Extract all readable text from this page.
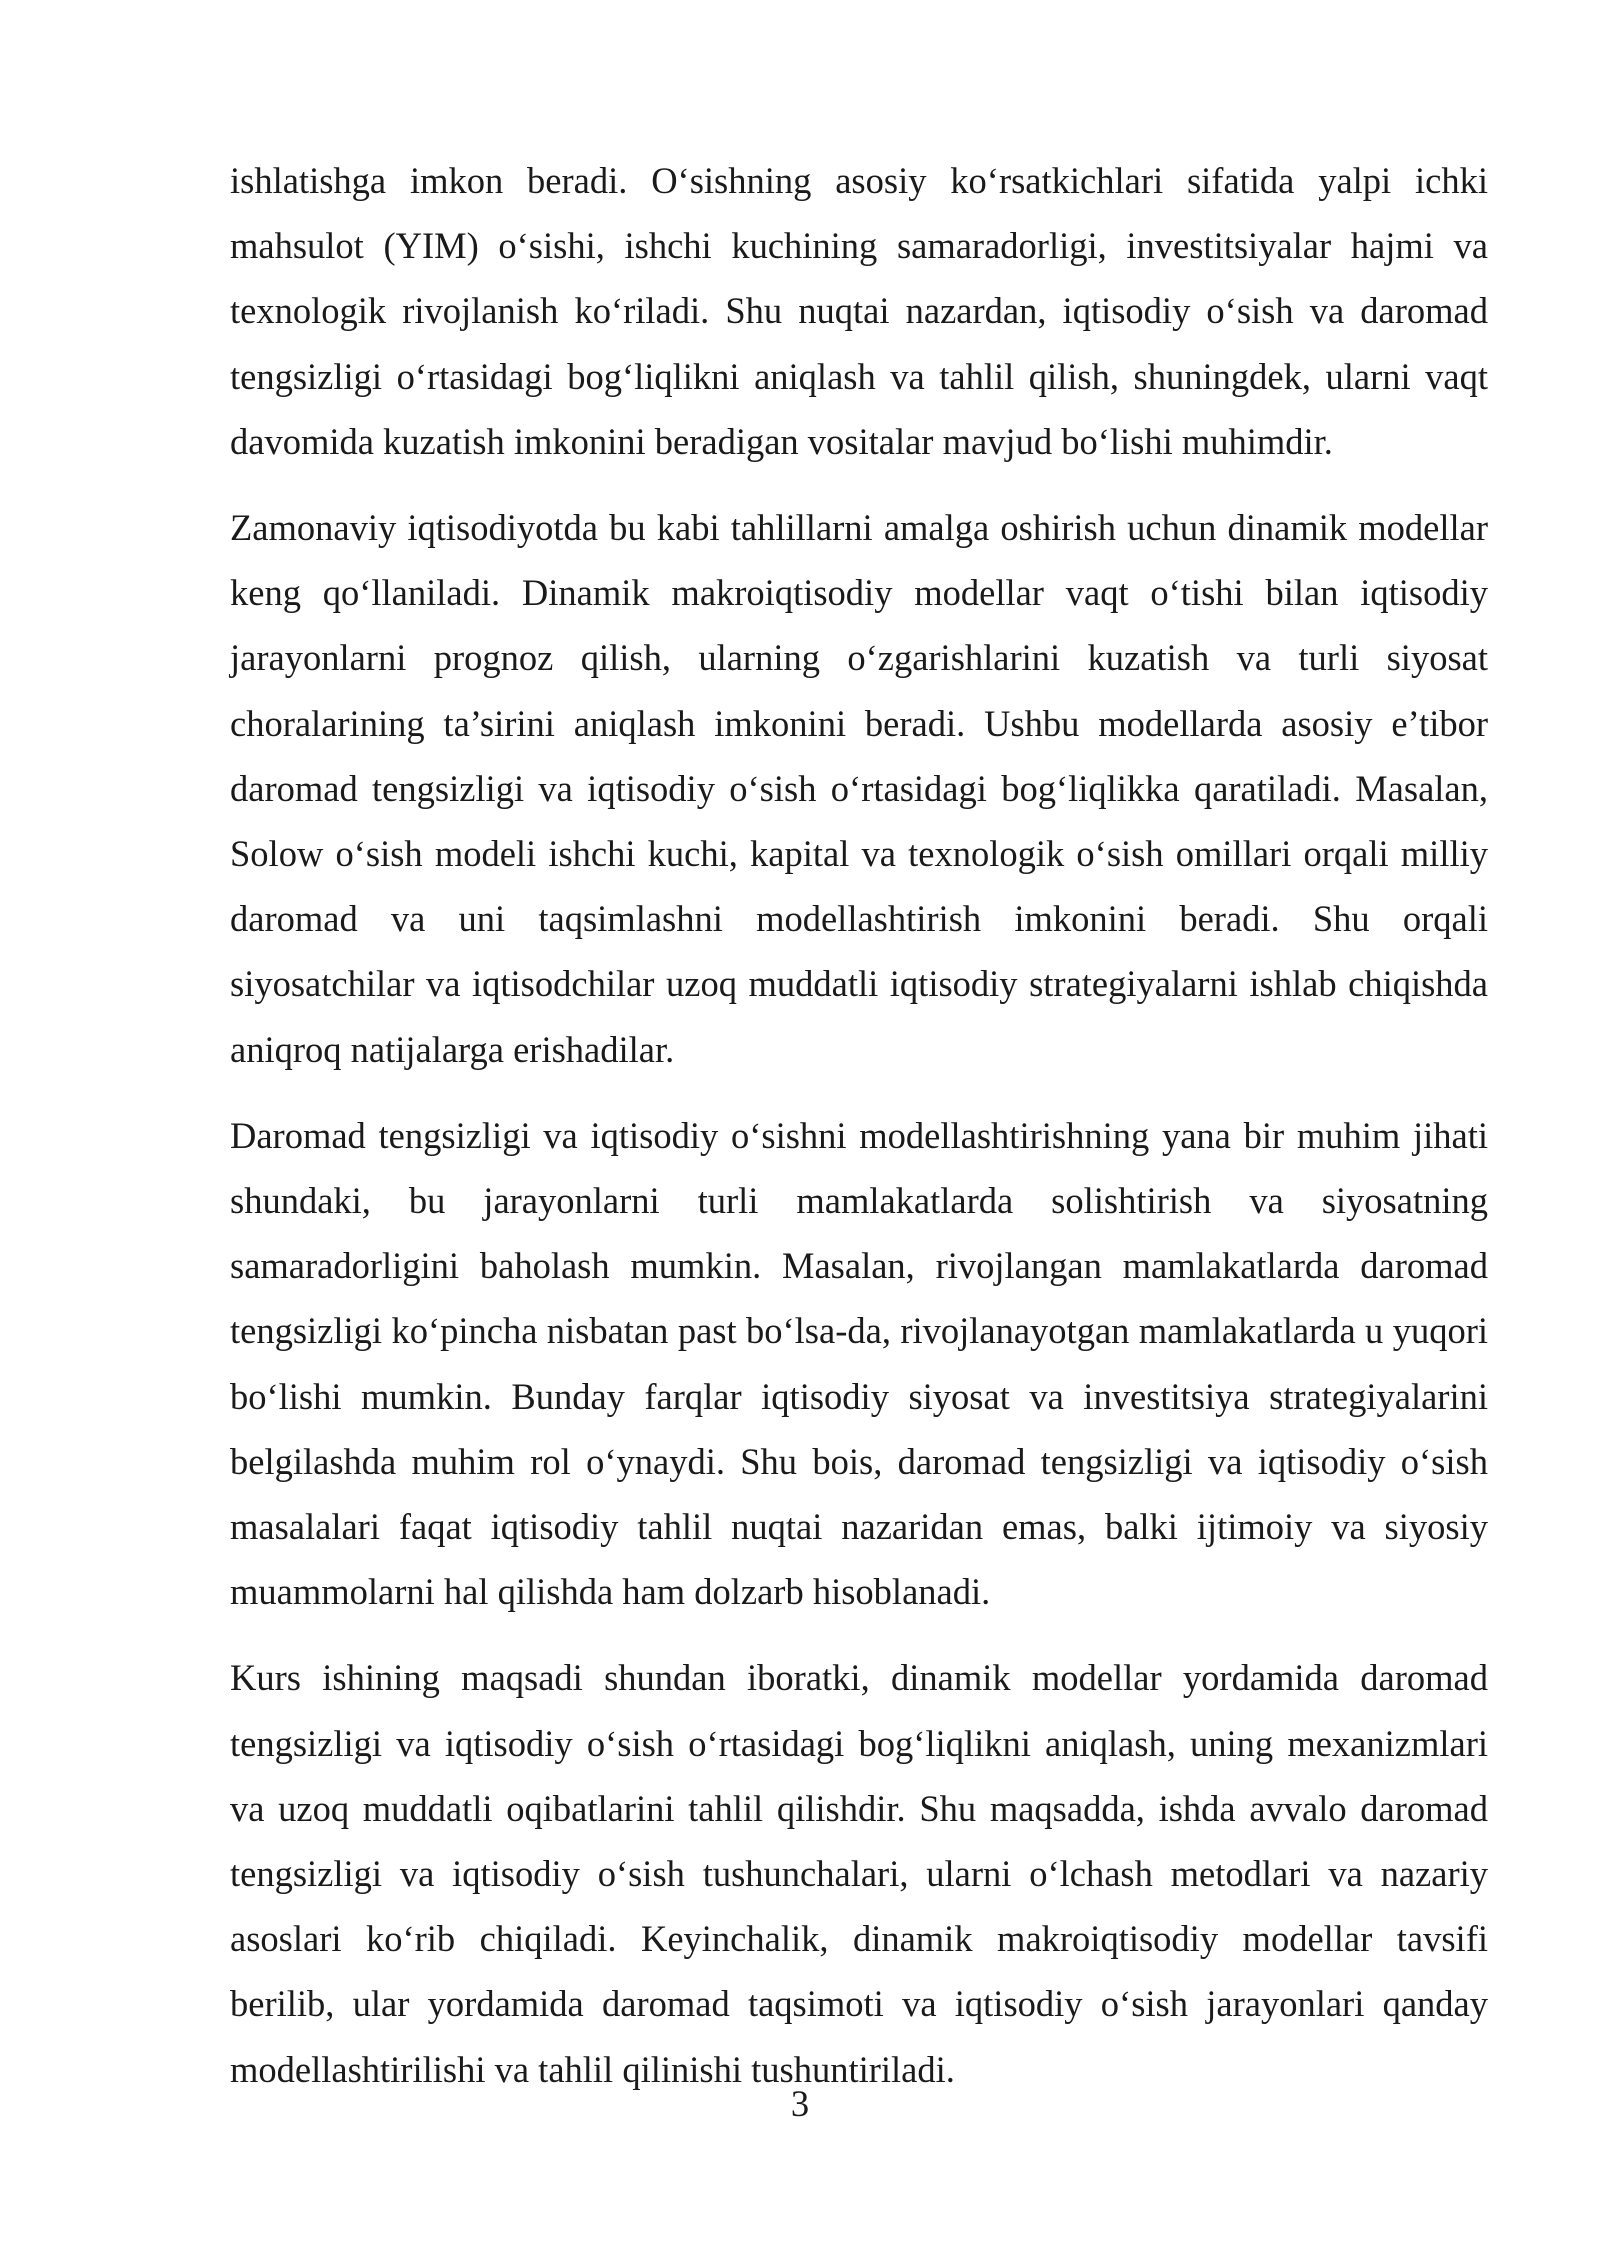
ishlatishga imkon beradi. O‘sishning asosiy ko‘rsatkichlari sifatida yalpi ichki mahsulot (YIM) o‘sishi, ishchi kuchining samaradorligi, investitsiyalar hajmi va texnologik rivojlanish ko‘riladi. Shu nuqtai nazardan, iqtisodiy o‘sish va daromad tengsizligi o‘rtasidagi bog‘liqlikni aniqlash va tahlil qilish, shuningdek, ularni vaqt davomida kuzatish imkonini beradigan vositalar mavjud bo‘lishi muhimdir.

Zamonaviy iqtisodiyotda bu kabi tahlillarni amalga oshirish uchun dinamik modellar keng qo‘llaniladi. Dinamik makroiqtisodiy modellar vaqt o‘tishi bilan iqtisodiy jarayonlarni prognoz qilish, ularning o‘zgarishlarini kuzatish va turli siyosat choralarining ta’sirini aniqlash imkonini beradi. Ushbu modellarda asosiy e’tibor daromad tengsizligi va iqtisodiy o‘sish o‘rtasidagi bog‘liqlikka qaratiladi. Masalan, Solow o‘sish modeli ishchi kuchi, kapital va texnologik o‘sish omillari orqali milliy daromad va uni taqsimlashni modellashtirish imkonini beradi. Shu orqali siyosatchilar va iqtisodchilar uzoq muddatli iqtisodiy strategiyalarni ishlab chiqishda aniqroq natijalarga erishadilar.

Daromad tengsizligi va iqtisodiy o‘sishni modellashtirishning yana bir muhim jihati shundaki, bu jarayonlarni turli mamlakatlarda solishtirish va siyosatning samaradorligini baholash mumkin. Masalan, rivojlangan mamlakatlarda daromad tengsizligi ko‘pincha nisbatan past bo‘lsa-da, rivojlanayotgan mamlakatlarda u yuqori bo‘lishi mumkin. Bunday farqlar iqtisodiy siyosat va investitsiya strategiyalarini belgilashda muhim rol o‘ynaydi. Shu bois, daromad tengsizligi va iqtisodiy o‘sish masalalari faqat iqtisodiy tahlil nuqtai nazaridan emas, balki ijtimoiy va siyosiy muammolarni hal qilishda ham dolzarb hisoblanadi.

Kurs ishining maqsadi shundan iboratki, dinamik modellar yordamida daromad tengsizligi va iqtisodiy o‘sish o‘rtasidagi bog‘liqlikni aniqlash, uning mexanizmlari va uzoq muddatli oqibatlarini tahlil qilishdir. Shu maqsadda, ishda avvalo daromad tengsizligi va iqtisodiy o‘sish tushunchalari, ularni o‘lchash metodlari va nazariy asoslari ko‘rib chiqiladi. Keyinchalik, dinamik makroiqtisodiy modellar tavsifi berilib, ular yordamida daromad taqsimoti va iqtisodiy o‘sish jarayonlari qanday modellashtirilishi va tahlil qilinishi tushuntiriladi.

3
